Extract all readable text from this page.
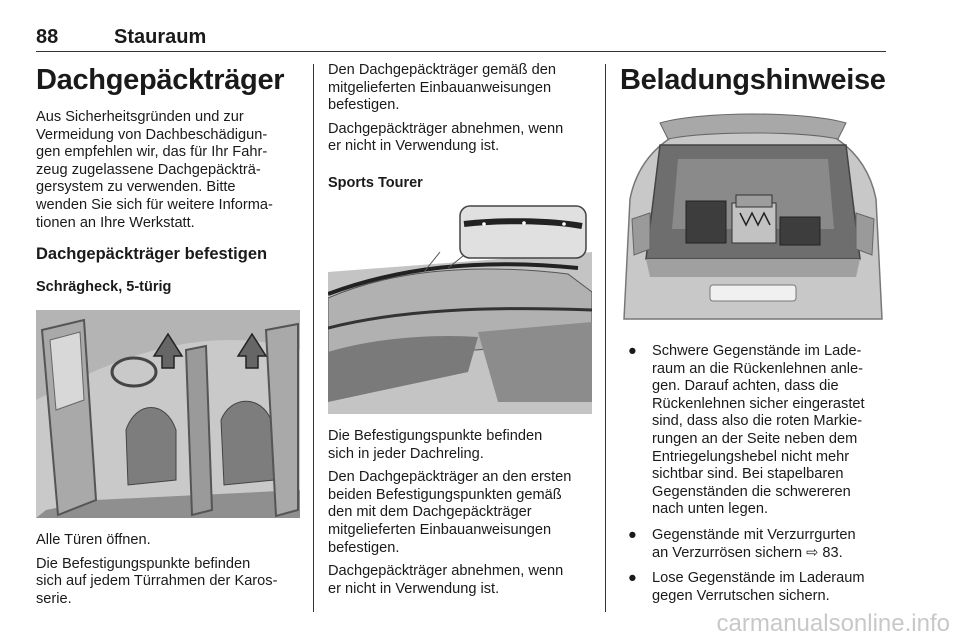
88	Stauraum
Dachgepäckträger

Aus Sicherheitsgründen und zur
Vermeidung von Dachbeschädigun-
gen empfehlen wir, das für Ihr Fahr-
zeug zugelassene Dachgepäckträ-
gersystem zu verwenden. Bitte
wenden Sie sich für weitere Informa-
tionen an Ihre Werkstatt.

Dachgepäckträger befestigen
Schrägheck, 5-türig

Alle Türen öffnen.

Die Befestigungspunkte befinden
sich auf jedem Türrahmen der Karos-
serie.

Den Dachgepäckträger gemäß den
mitgelieferten Einbauanweisungen
befestigen.

Dachgepäckträger abnehmen, wenn
er nicht in Verwendung ist.

Sports Tourer

Die Befestigungspunkte befinden
sich in jeder Dachreling.

Den Dachgepäckträger an den ersten
beiden Befestigungspunkten gemäß
den mit dem Dachgepäckträger
mitgelieferten Einbauanweisungen
befestigen.

Dachgepäckträger abnehmen, wenn
er nicht in Verwendung ist.

Beladungshinweise
● Schwere Gegenstände im Lade-
raum an die Rückenlehnen anle-
gen. Darauf achten, dass die
Rückenlehnen sicher eingerastet
sind, dass also die roten Markie-
rungen an der Seite neben dem
Entriegelungshebel nicht mehr
sichtbar sind. Bei stapelbaren
Gegenständen die schwereren
nach unten legen.
● Gegenstände mit Verzurrgurten
an Verzurrösen sichern ⇨ 83.
● Lose Gegenstände im Laderaum
gegen Verrutschen sichern.
carmanualsonline.info
